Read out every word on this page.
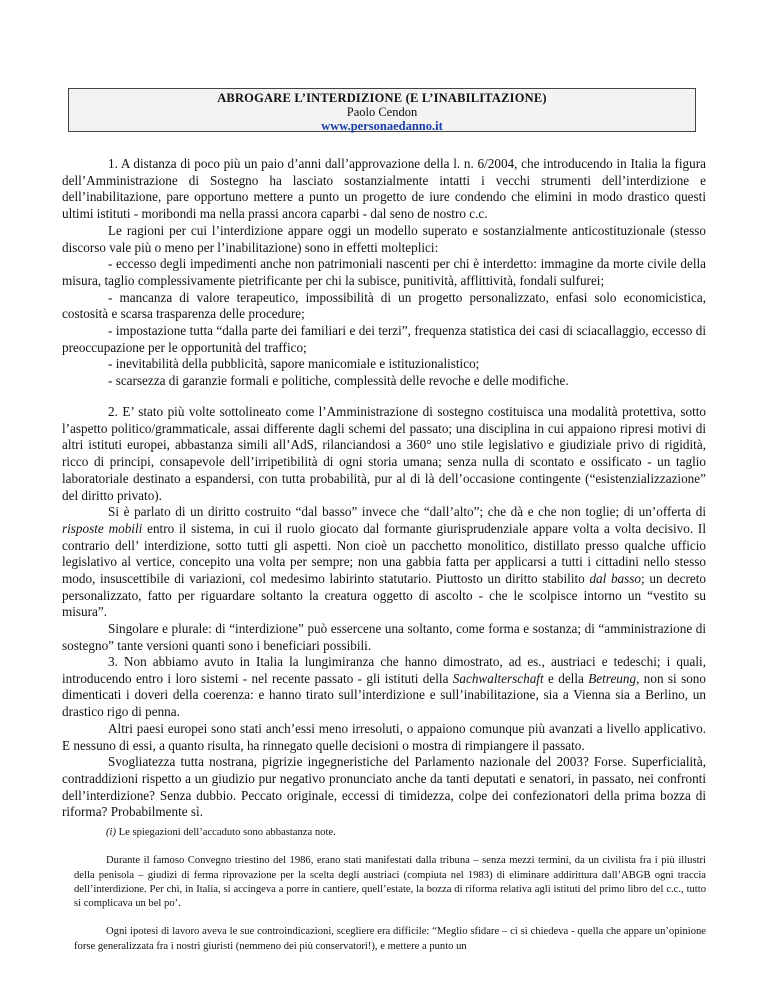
ABROGARE L’INTERDIZIONE (E L’INABILITAZIONE)
Paolo Cendon
www.personaedanno.it

1. A distanza di poco più un paio d’anni dall’approvazione della l. n. 6/2004, che introducendo in Italia la figura dell’Amministrazione di Sostegno ha lasciato sostanzialmente intatti i vecchi strumenti dell’interdizione e dell’inabilitazione, pare opportuno mettere a punto un progetto de iure condendo che elimini in modo drastico questi ultimi istituti - moribondi ma nella prassi ancora caparbi - dal seno de nostro c.c.

Le ragioni per cui l’interdizione appare oggi un modello superato e sostanzialmente anticostituzionale (stesso discorso vale più o meno per l’inabilitazione) sono in effetti molteplici:

- eccesso degli impedimenti anche non patrimoniali nascenti per chi è interdetto: immagine da morte civile della misura, taglio complessivamente pietrificante per chi la subisce, punitività, afflittività, fondali sulfurei;

- mancanza di valore terapeutico, impossibilità di un progetto personalizzato, enfasi solo economicistica, costosità e scarsa trasparenza delle procedure;

- impostazione tutta “dalla parte dei familiari e dei terzi”, frequenza statistica dei casi di sciacallaggio, eccesso di preoccupazione per le opportunità del traffico;

- inevitabilità della pubblicità, sapore manicomiale e istituzionalistico;

- scarsezza di garanzie formali e politiche, complessità delle revoche e delle modifiche.

2. E’ stato più volte sottolineato come l’Amministrazione di sostegno costituisca una modalità protettiva, sotto l’aspetto politico/grammaticale, assai differente dagli schemi del passato; una disciplina in cui appaiono ripresi motivi di altri istituti europei, abbastanza simili all’AdS, rilanciandosi a 360° uno stile legislativo e giudiziale privo di rigidità, ricco di principi, consapevole dell’irripetibilità di ogni storia umana; senza nulla di scontato e ossificato - un taglio laboratoriale destinato a espandersi, con tutta probabilità, pur al di là dell’occasione contingente (“esistenzializzazione” del diritto privato).

Si è parlato di un diritto costruito “dal basso” invece che “dall’alto”; che dà e che non toglie; di un’offerta di risposte mobili entro il sistema, in cui il ruolo giocato dal formante giurisprudenziale appare volta a volta decisivo. Il contrario dell’ interdizione, sotto tutti gli aspetti. Non cioè un pacchetto monolitico, distillato presso qualche ufficio legislativo al vertice, concepito una volta per sempre; non una gabbia fatta per applicarsi a tutti i cittadini nello stesso modo, insuscettibile di variazioni, col medesimo labirinto statutario. Piuttosto un diritto stabilito dal basso; un decreto personalizzato, fatto per riguardare soltanto la creatura oggetto di ascolto - che le scolpisce intorno un “vestito su misura”.

Singolare e plurale: di “interdizione” può essercene una soltanto, come forma e sostanza; di “amministrazione di sostegno” tante versioni quanti sono i beneficiari possibili.

3. Non abbiamo avuto in Italia la lungimiranza che hanno dimostrato, ad es., austriaci e tedeschi; i quali, introducendo entro i loro sistemi - nel recente passato - gli istituti della Sachwalterschaft e della Betreung, non si sono dimenticati i doveri della coerenza: e hanno tirato sull’interdizione e sull’inabilitazione, sia a Vienna sia a Berlino, un drastico rigo di penna.

Altri paesi europei sono stati anch’essi meno irresoluti, o appaiono comunque più avanzati a livello applicativo. E nessuno di essi, a quanto risulta, ha rinnegato quelle decisioni o mostra di rimpiangere il passato.

Svogliatezza tutta nostrana, pigrizie ingegneristiche del Parlamento nazionale del 2003? Forse. Superficialità, contraddizioni rispetto a un giudizio pur negativo pronunciato anche da tanti deputati e senatori, in passato, nei confronti dell’interdizione? Senza dubbio. Peccato originale, eccessi di timidezza, colpe dei confezionatori della prima bozza di riforma? Probabilmente sì.

(i) Le spiegazioni dell’accaduto sono abbastanza note.

Durante il famoso Convegno triestino del 1986, erano stati manifestati dalla tribuna – senza mezzi termini, da un civilista fra i più illustri della penisola – giudizi di ferma riprovazione per la scelta degli austriaci (compiuta nel 1983) di eliminare addirittura dall’ABGB ogni traccia dell’interdizione. Per chi, in Italia, si accingeva a porre in cantiere, quell’estate, la bozza di riforma relativa agli istituti del primo libro del c.c., tutto si complicava un bel po’.

Ogni ipotesi di lavoro aveva le sue controindicazioni, scegliere era difficile: “Meglio sfidare – ci si chiedeva - quella che appare un’opinione forse generalizzata fra i nostri giuristi (nemmeno dei più conservatori!), e mettere a punto un
